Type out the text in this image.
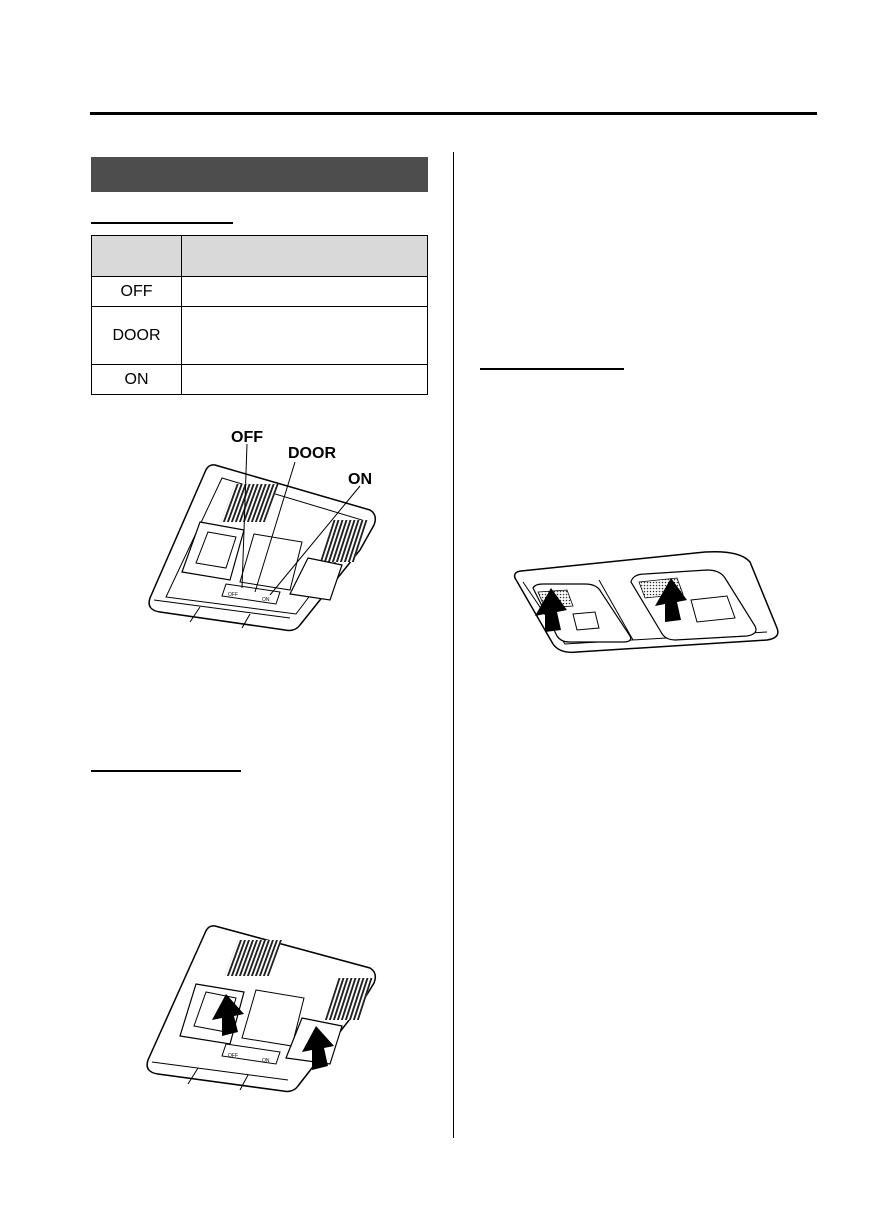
OFF	
DOOR	
ON	
OFF
ON
OFF
DOOR
ON
OFF
ON
